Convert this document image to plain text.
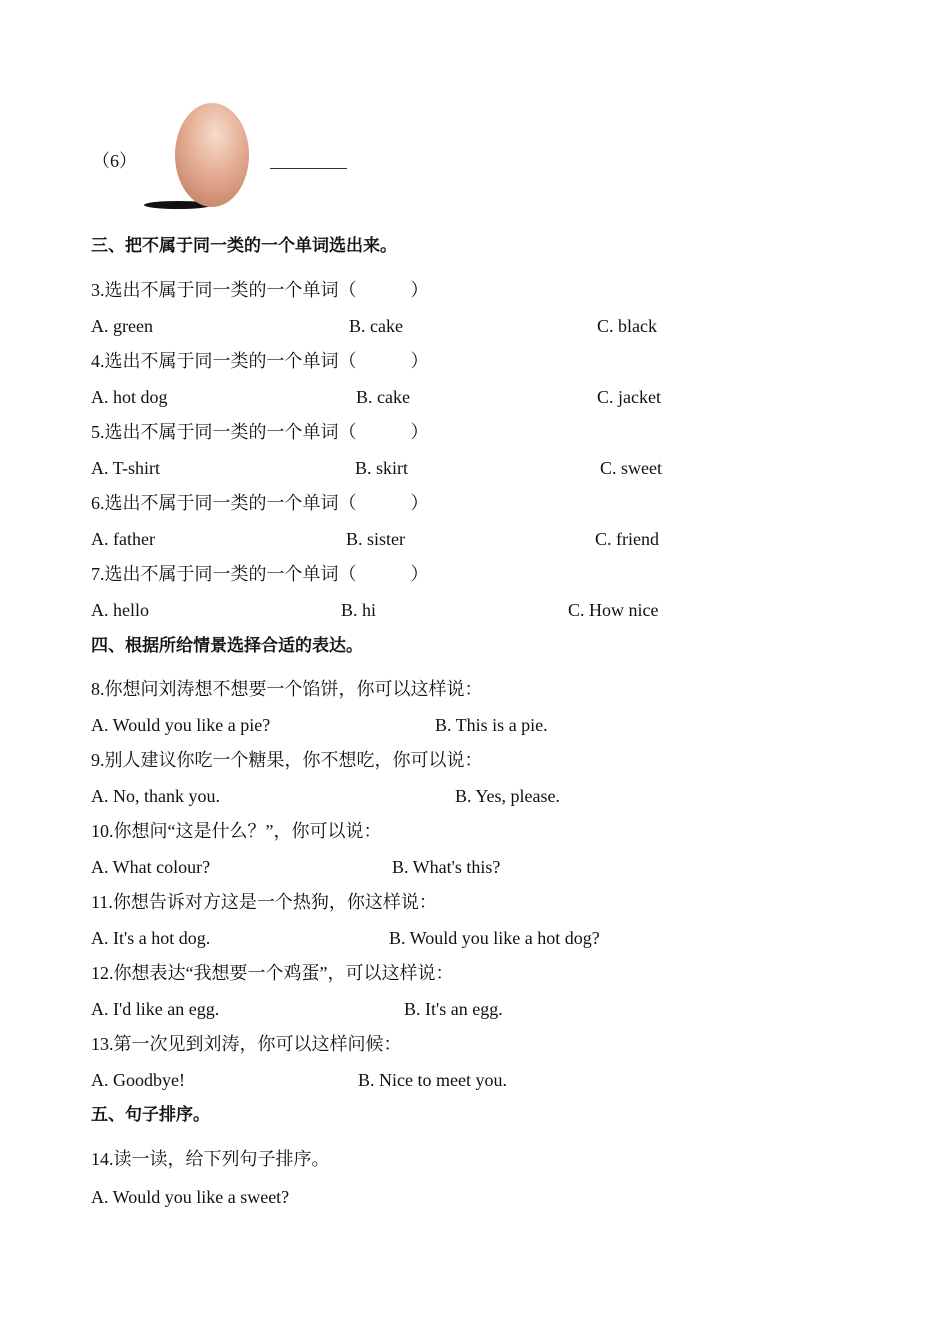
（6）
三、把不属于同一类的一个单词选出来。
四、根据所给情景选择合适的表达。
五、句子排序。
3.选出不属于同一类的一个单词（　　　）
A. green	B. cake	C. black
4.选出不属于同一类的一个单词（　　　）
A. hot dog	B. cake	C. jacket
5.选出不属于同一类的一个单词（　　　）
A. T-shirt	B. skirt	C. sweet
6.选出不属于同一类的一个单词（　　　）
A. father	B. sister	C. friend
7.选出不属于同一类的一个单词（　　　）
A. hello	B. hi	C. How nice
8.你想问刘涛想不想要一个馅饼，你可以这样说：
A. Would you like a pie?	B. This is a pie.
9.别人建议你吃一个糖果，你不想吃，你可以说：
A. No, thank you.	B. Yes, please.
10.你想问“这是什么？”，你可以说：
A. What colour?	B. What's this?
11.你想告诉对方这是一个热狗，你这样说：
A. It's a hot dog.	B. Would you like a hot dog?
12.你想表达“我想要一个鸡蛋”，可以这样说：
A. I'd like an egg.	B. It's an egg.
13.第一次见到刘涛，你可以这样问候：
A. Goodbye!	B. Nice to meet you.
14.读一读，给下列句子排序。
A. Would you like a sweet?
